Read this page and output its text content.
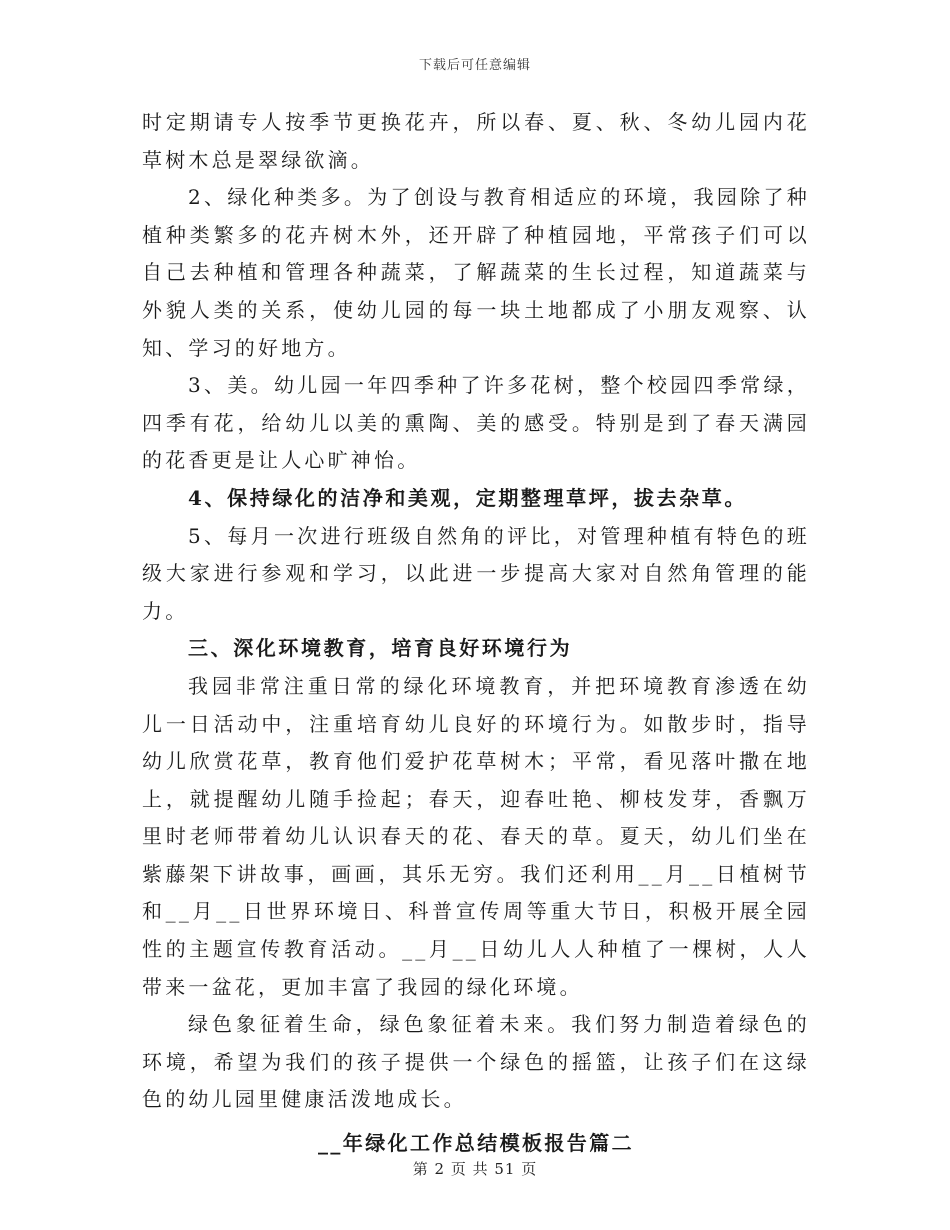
下载后可任意编辑

时定期请专人按季节更换花卉，所以春、夏、秋、冬幼儿园内花草树木总是翠绿欲滴。

2、绿化种类多。为了创设与教育相适应的环境，我园除了种植种类繁多的花卉树木外，还开辟了种植园地，平常孩子们可以自己去种植和管理各种蔬菜，了解蔬菜的生长过程，知道蔬菜与外貌人类的关系，使幼儿园的每一块土地都成了小朋友观察、认知、学习的好地方。

3、美。幼儿园一年四季种了许多花树，整个校园四季常绿，四季有花，给幼儿以美的熏陶、美的感受。特别是到了春天满园的花香更是让人心旷神怡。

4、保持绿化的洁净和美观，定期整理草坪，拔去杂草。

5、每月一次进行班级自然角的评比，对管理种植有特色的班级大家进行参观和学习，以此进一步提高大家对自然角管理的能力。

三、深化环境教育，培育良好环境行为

我园非常注重日常的绿化环境教育，并把环境教育渗透在幼儿一日活动中，注重培育幼儿良好的环境行为。如散步时，指导幼儿欣赏花草，教育他们爱护花草树木；平常，看见落叶撒在地上，就提醒幼儿随手捡起；春天，迎春吐艳、柳枝发芽，香飘万里时老师带着幼儿认识春天的花、春天的草。夏天，幼儿们坐在紫藤架下讲故事，画画，其乐无穷。我们还利用__月__日植树节和__月__日世界环境日、科普宣传周等重大节日，积极开展全园性的主题宣传教育活动。__月__日幼儿人人种植了一棵树，人人带来一盆花，更加丰富了我园的绿化环境。

绿色象征着生命，绿色象征着未来。我们努力制造着绿色的环境，希望为我们的孩子提供一个绿色的摇篮，让孩子们在这绿色的幼儿园里健康活泼地成长。

__年绿化工作总结模板报告篇二

第 2 页 共 51 页
